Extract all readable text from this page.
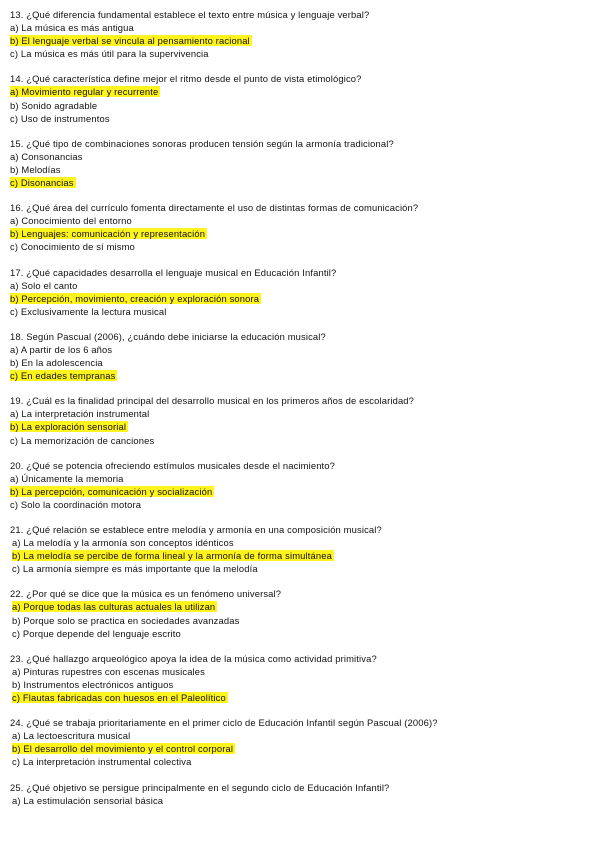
13. ¿Qué diferencia fundamental establece el texto entre música y lenguaje verbal?
a) La música es más antigua
b) El lenguaje verbal se vincula al pensamiento racional
c) La música es más útil para la supervivencia
14. ¿Qué característica define mejor el ritmo desde el punto de vista etimológico?
a) Movimiento regular y recurrente
b) Sonido agradable
c) Uso de instrumentos
15. ¿Qué tipo de combinaciones sonoras producen tensión según la armonía tradicional?
a) Consonancias
b) Melodías
c) Disonancias
16. ¿Qué área del currículo fomenta directamente el uso de distintas formas de comunicación?
a) Conocimiento del entorno
b) Lenguajes: comunicación y representación
c) Conocimiento de sí mismo
17. ¿Qué capacidades desarrolla el lenguaje musical en Educación Infantil?
a) Solo el canto
b) Percepción, movimiento, creación y exploración sonora
c) Exclusivamente la lectura musical
18. Según Pascual (2006), ¿cuándo debe iniciarse la educación musical?
a) A partir de los 6 años
b) En la adolescencia
c) En edades tempranas
19. ¿Cuál es la finalidad principal del desarrollo musical en los primeros años de escolaridad?
a) La interpretación instrumental
b) La exploración sensorial
c) La memorización de canciones
20. ¿Qué se potencia ofreciendo estímulos musicales desde el nacimiento?
a) Únicamente la memoria
b) La percepción, comunicación y socialización
c) Solo la coordinación motora
21. ¿Qué relación se establece entre melodía y armonía en una composición musical?
a) La melodía y la armonía son conceptos idénticos
b) La melodía se percibe de forma lineal y la armonía de forma simultánea
c) La armonía siempre es más importante que la melodía
22. ¿Por qué se dice que la música es un fenómeno universal?
a) Porque todas las culturas actuales la utilizan
b) Porque solo se practica en sociedades avanzadas
c) Porque depende del lenguaje escrito
23. ¿Qué hallazgo arqueológico apoya la idea de la música como actividad primitiva?
a) Pinturas rupestres con escenas musicales
b) Instrumentos electrónicos antiguos
c) Flautas fabricadas con huesos en el Paleolítico
24. ¿Qué se trabaja prioritariamente en el primer ciclo de Educación Infantil según Pascual (2006)?
a) La lectoescritura musical
b) El desarrollo del movimiento y el control corporal
c) La interpretación instrumental colectiva
25. ¿Qué objetivo se persigue principalmente en el segundo ciclo de Educación Infantil?
a) La estimulación sensorial básica
